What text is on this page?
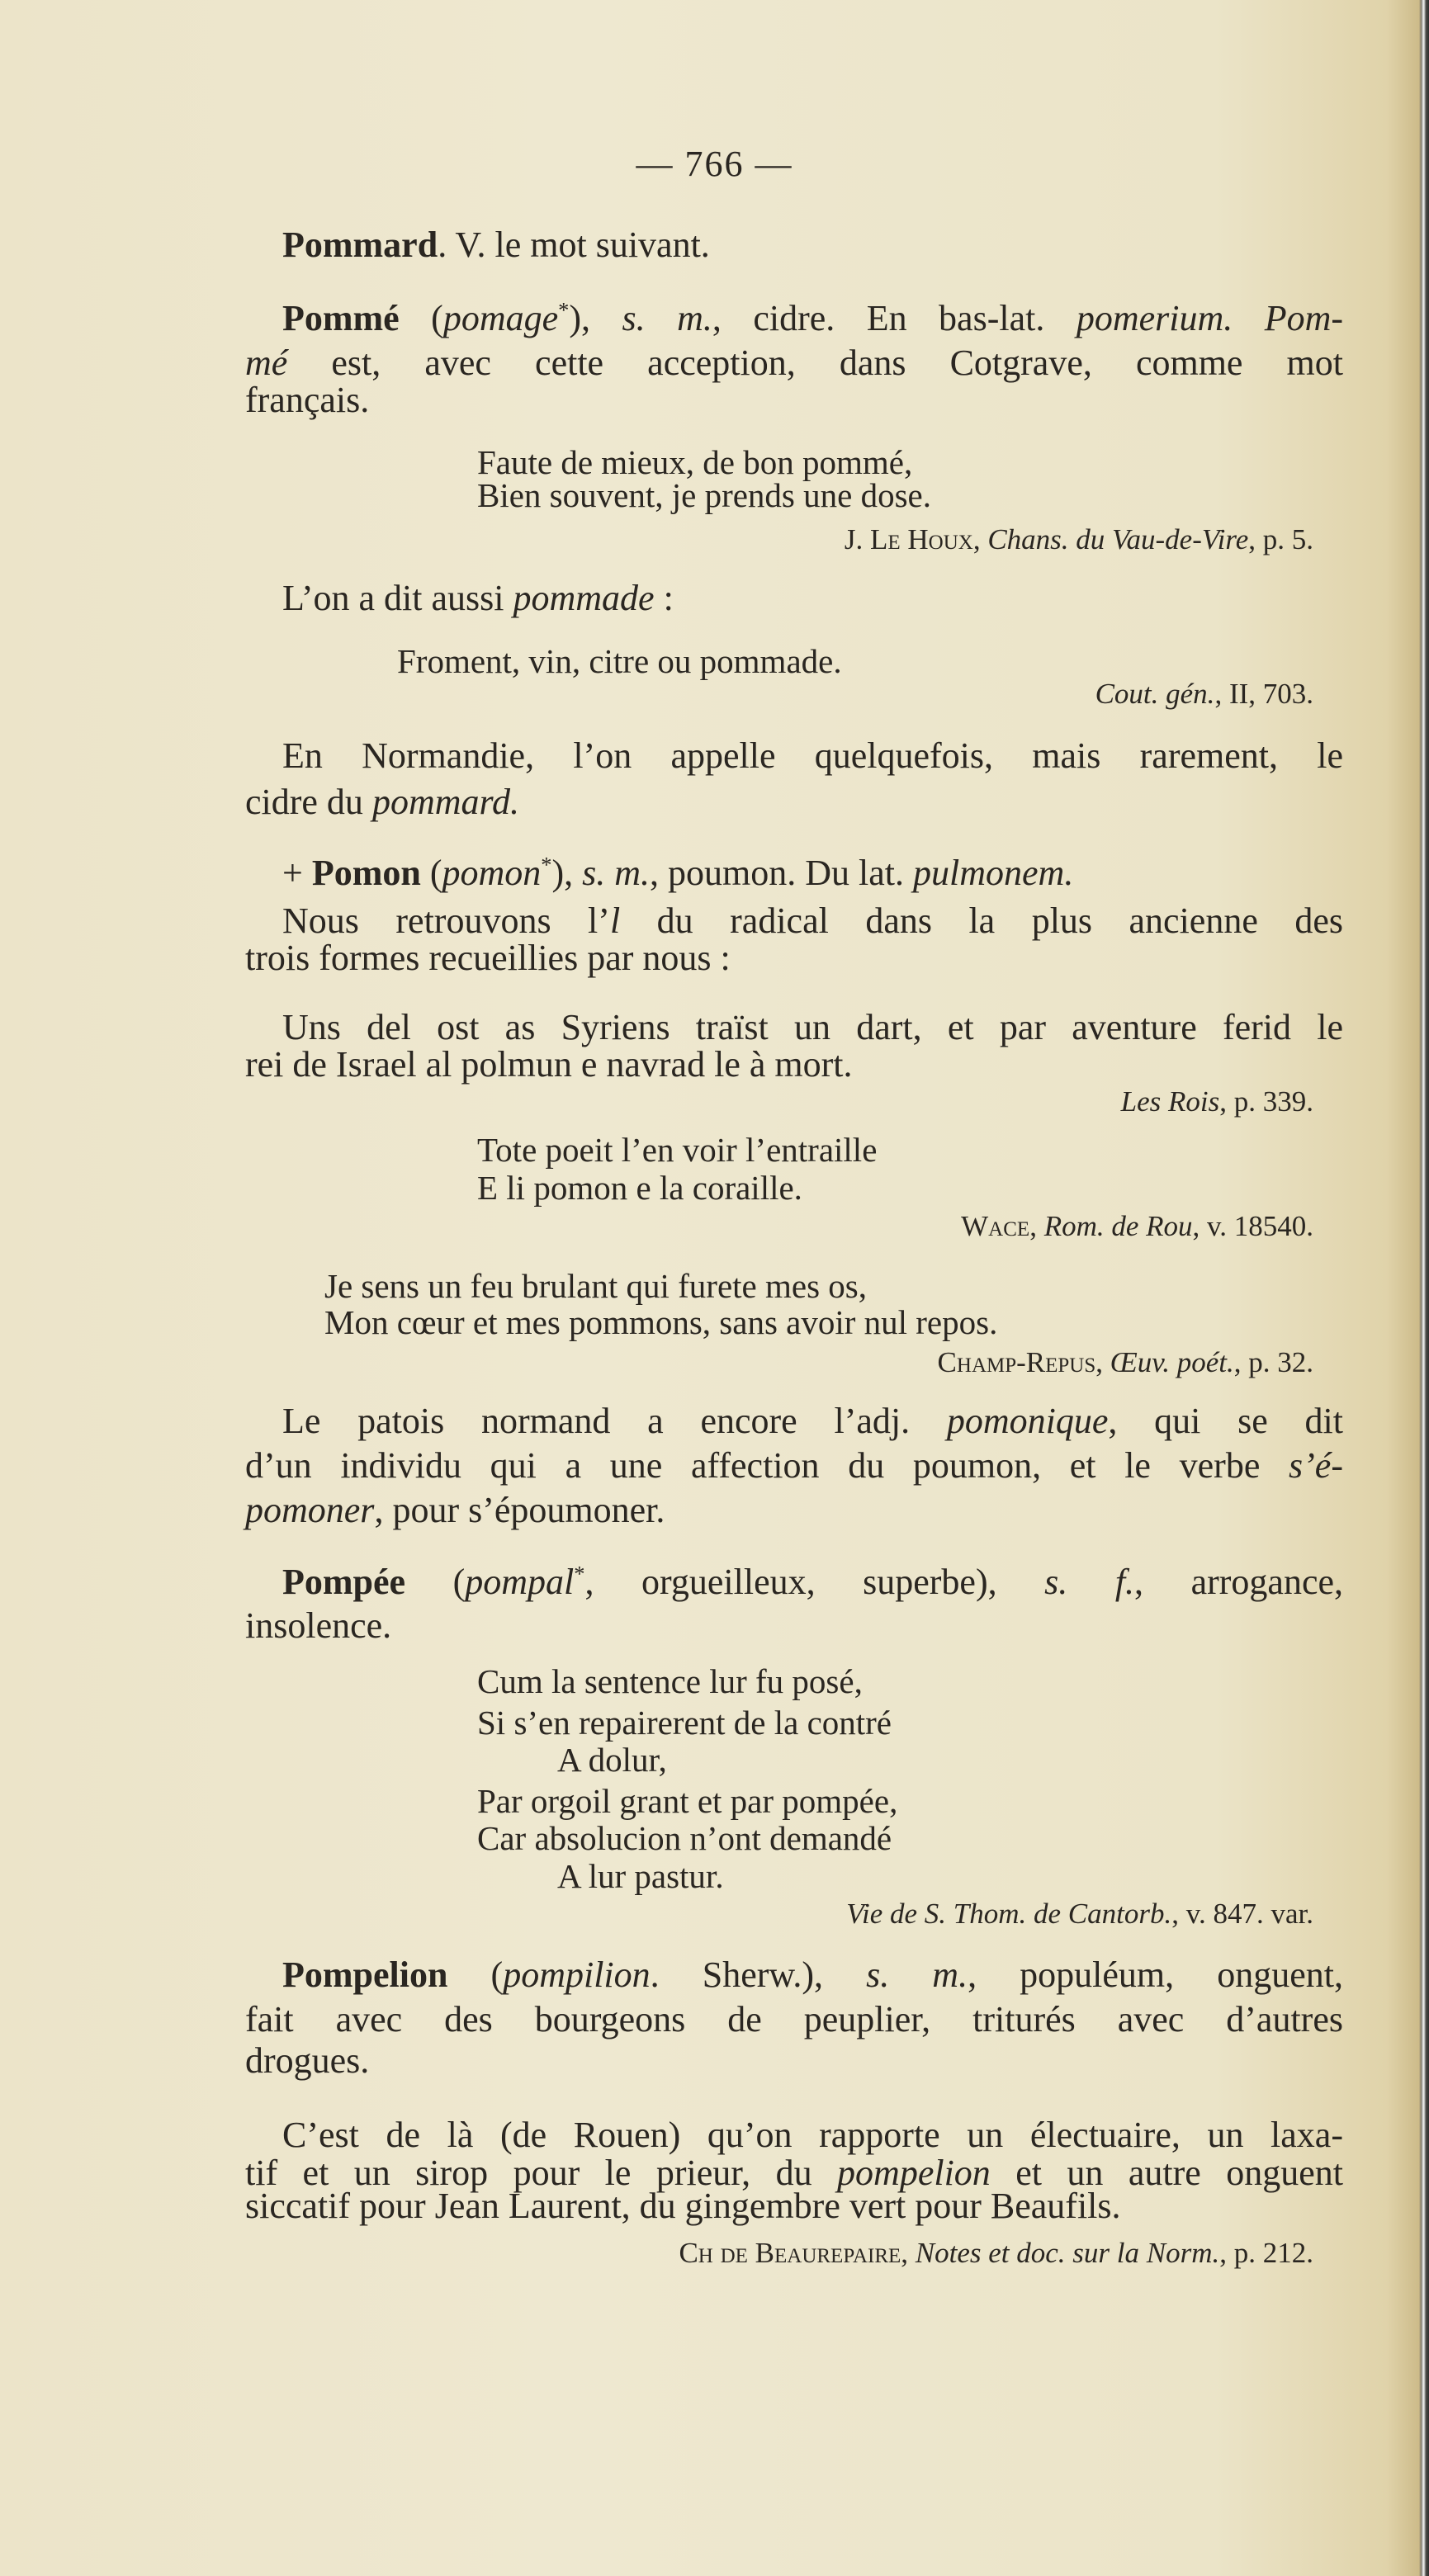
— 766 —
Pommard. V. le mot suivant.
Pommé (pomage*), s. m., cidre. En bas-lat. pomerium. Pom-
mé est, avec cette acception, dans Cotgrave, comme mot
français.
Faute de mieux, de bon pommé,
Bien souvent, je prends une dose.
J. Le Houx, Chans. du Vau-de-Vire, p. 5.
L’on a dit aussi pommade :
Froment, vin, citre ou pommade.
Cout. gén., II, 703.
En Normandie, l’on appelle quelquefois, mais rarement, le
cidre du pommard.
+ Pomon (pomon*), s. m., poumon. Du lat. pulmonem.
Nous retrouvons l’l du radical dans la plus ancienne des
trois formes recueillies par nous :
Uns del ost as Syriens traïst un dart, et par aventure ferid le
rei de Israel al polmun e navrad le à mort.
Les Rois, p. 339.
Tote poeit l’en voir l’entraille
E li pomon e la coraille.
Wace, Rom. de Rou, v. 18540.
Je sens un feu brulant qui furete mes os,
Mon cœur et mes pommons, sans avoir nul repos.
Champ-Repus, Œuv. poét., p. 32.
Le patois normand a encore l’adj. pomonique, qui se dit
d’un individu qui a une affection du poumon, et le verbe s’é-
pomoner, pour s’époumoner.
Pompée (pompal*, orgueilleux, superbe), s. f., arrogance,
insolence.
Cum la sentence lur fu posé,
Si s’en repairerent de la contré
A dolur,
Par orgoil grant et par pompée,
Car absolucion n’ont demandé
A lur pastur.
Vie de S. Thom. de Cantorb., v. 847. var.
Pompelion (pompilion. Sherw.), s. m., populéum, onguent,
fait avec des bourgeons de peuplier, triturés avec d’autres
drogues.
C’est de là (de Rouen) qu’on rapporte un électuaire, un laxa-
tif et un sirop pour le prieur, du pompelion et un autre onguent
siccatif pour Jean Laurent, du gingembre vert pour Beaufils.
Ch de Beaurepaire, Notes et doc. sur la Norm., p. 212.
